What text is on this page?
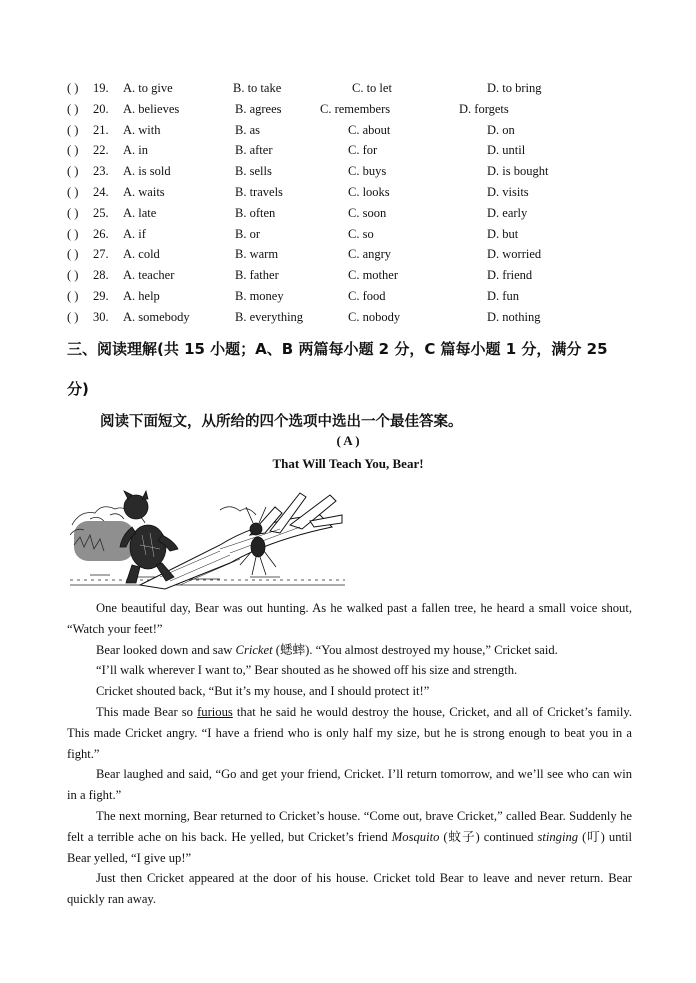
( ) 19. A. to give	B. to take	C. to let	D. to bring
( ) 20. A. believes	B. agrees	C. remembers	D. forgets
( ) 21. A. with	B. as	C. about	D. on
( ) 22. A. in	B. after	C. for	D. until
( ) 23. A. is sold	B. sells	C. buys	D. is bought
( ) 24. A. waits	B. travels	C. looks	D. visits
( ) 25. A. late	B. often	C. soon	D. early
( ) 26. A. if	B. or	C. so	D. but
( ) 27. A. cold	B. warm	C. angry	D. worried
( ) 28. A. teacher	B. father	C. mother	D. friend
( ) 29. A. help	B. money	C. food	D. fun
( ) 30. A. somebody	B. everything	C. nobody	D. nothing
三、阅读理解(共 15 小题；A、B 两篇每小题 2 分，C 篇每小题 1 分，满分 25
分)
阅读下面短文，从所给的四个选项中选出一个最佳答案。
( A )
That Will Teach You, Bear!

One beautiful day, Bear was out hunting. As he walked past a fallen tree, he heard a small voice shout, “Watch your feet!”

Bear looked down and saw Cricket (蟋蟀). “You almost destroyed my house,” Cricket said.

“I’ll walk wherever I want to,” Bear shouted as he showed off his size and strength.

Cricket shouted back, “But it’s my house, and I should protect it!”

This made Bear so furious that he said he would destroy the house, Cricket, and all of Cricket’s family. This made Cricket angry. “I have a friend who is only half my size, but he is strong enough to beat you in a fight.”

Bear laughed and said, “Go and get your friend, Cricket. I’ll return tomorrow, and we’ll see who can win in a fight.”

The next morning, Bear returned to Cricket’s house. “Come out, brave Cricket,” called Bear. Suddenly he felt a terrible ache on his back. He yelled, but Cricket’s friend Mosquito (蚊子) continued stinging (叮) until Bear yelled, “I give up!”

Just then Cricket appeared at the door of his house. Cricket told Bear to leave and never return. Bear quickly ran away.
